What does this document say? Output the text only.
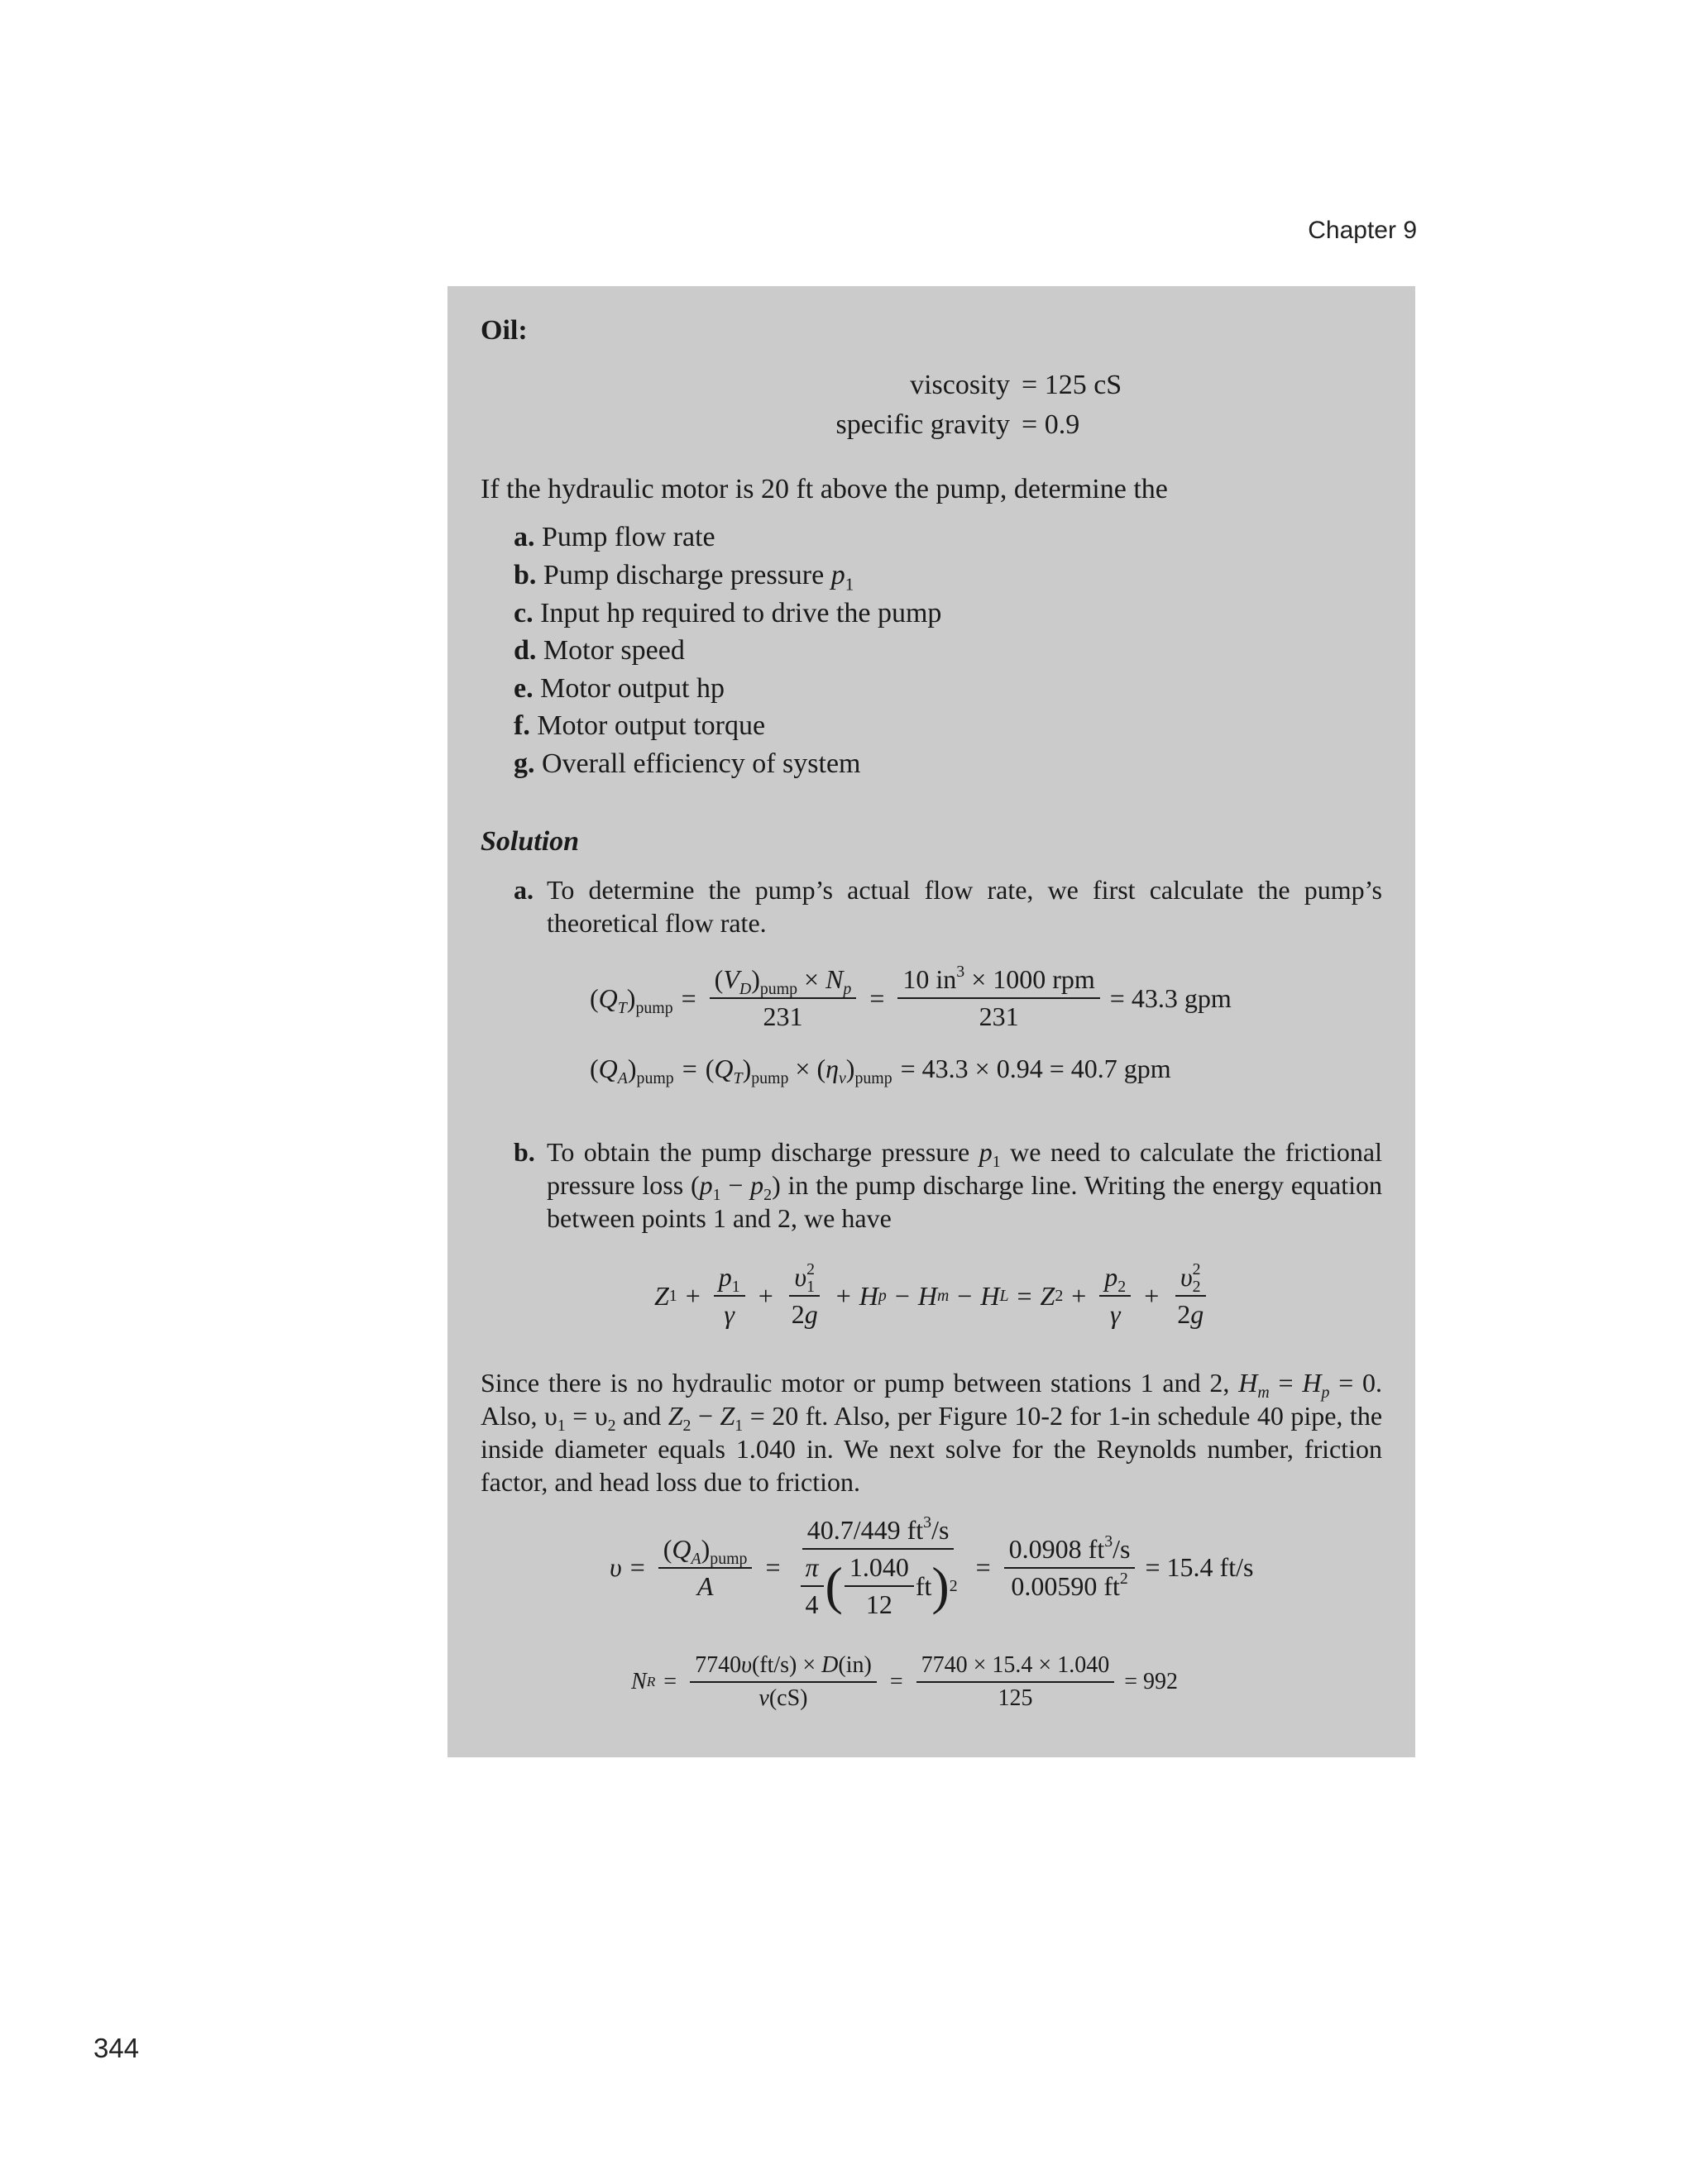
Chapter 9
Oil:
viscosity = 125 cS
specific gravity = 0.9
If the hydraulic motor is 20 ft above the pump, determine the
a. Pump flow rate
b. Pump discharge pressure $p_1$
c. Input hp required to drive the pump
d. Motor speed
e. Motor output hp
f. Motor output torque
g. Overall efficiency of system
Solution
a. To determine the pump’s actual flow rate, we first calculate the pump’s theoretical flow rate.
$(Q_T)_{pump} = \frac{(V_D)_{pump} \times N_p}{231} = \frac{10 in^3 \times 1000 rpm}{231} = 43.3$ gpm
$(Q_A)_{pump} = (Q_T)_{pump} \times (\eta_v)_{pump} = 43.3 \times 0.94 = 40.7$ gpm
b. To obtain the pump discharge pressure $p_1$ we need to calculate the frictional pressure loss $(p_1 - p_2)$ in the pump discharge line. Writing the energy equation between points 1 and 2, we have
Z $1 + \frac{p_1}{\gamma} + \frac{\upsilon^2_1}{2g} + H$ p − H m − H L = Z $2 + \frac{p_2}{\gamma} + \frac{\upsilon^2_2}{2g}$
Since there is no hydraulic motor or pump between stations 1 and 2, $H_m = H_p = 0$. Also, $\upsilon_1 = \upsilon_2$ and $Z_2 - Z_1 = 20$ ft. Also, per Figure 10-2 for 1-in schedule 40 pipe, the inside diameter equals 1.040 in. We next solve for the Reynolds number, friction factor, and head loss due to friction.
$\upsilon = \frac{(Q_A)_{pump}}{A} = \frac{40.7/449 ft^3/s}{\frac{\pi}{4} ( \frac{1.040}{12} ft ) 2} = \frac{0.0908 ft^3/s}{0.00590 ft^2} = 15.4$ ft/s
N $R = \frac{7740\upsilon(ft/s) \times D(in)}{\nu(cS)} = \frac{7740 \times 15.4 \times 1.040}{125} = 992$
344
